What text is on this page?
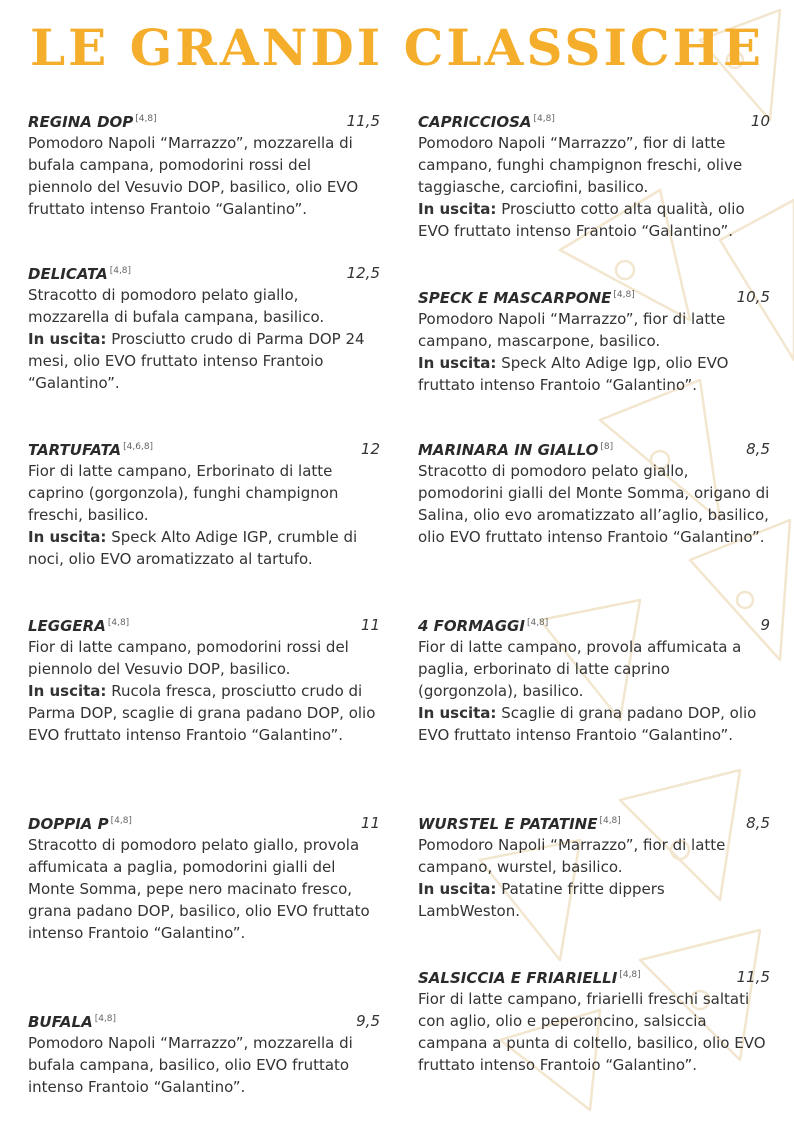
LE GRANDI CLASSICHE
REGINA DOP [4,8]	11,5
Pomodoro Napoli “Marrazzo”, mozzarella di bufala campana, pomodorini rossi del piennolo del Vesuvio DOP, basilico, olio EVO fruttato intenso Frantoio “Galantino”.
DELICATA [4,8]	12,5
Stracotto di pomodoro pelato giallo, mozzarella di bufala campana, basilico.
In uscita: Prosciutto crudo di Parma DOP 24 mesi, olio EVO fruttato intenso Frantoio “Galantino”.
TARTUFATA [4,6,8]	12
Fior di latte campano, Erborinato di latte caprino (gorgonzola), funghi champignon freschi, basilico.
In uscita: Speck Alto Adige IGP, crumble di noci, olio EVO aromatizzato al tartufo.
LEGGERA [4,8]	11
Fior di latte campano, pomodorini rossi del piennolo del Vesuvio DOP, basilico.
In uscita: Rucola fresca, prosciutto crudo di Parma DOP, scaglie di grana padano DOP, olio EVO fruttato intenso Frantoio “Galantino”.
DOPPIA P [4,8]	11
Stracotto di pomodoro pelato giallo, provola affumicata a paglia, pomodorini gialli del Monte Somma, pepe nero macinato fresco, grana padano DOP, basilico, olio EVO fruttato intenso Frantoio “Galantino”.
BUFALA [4,8]	9,5
Pomodoro Napoli “Marrazzo”, mozzarella di bufala campana, basilico, olio EVO fruttato intenso Frantoio “Galantino”.
CAPRICCIOSA [4,8]	10
Pomodoro Napoli “Marrazzo”, fior di latte campano, funghi champignon freschi, olive taggiasche, carciofini, basilico.
In uscita: Prosciutto cotto alta qualità, olio EVO fruttato intenso Frantoio “Galantino”.
SPECK E MASCARPONE [4,8]	10,5
Pomodoro Napoli “Marrazzo”, fior di latte campano, mascarpone, basilico.
In uscita: Speck Alto Adige Igp, olio EVO fruttato intenso Frantoio “Galantino”.
MARINARA IN GIALLO [8]	8,5
Stracotto di pomodoro pelato giallo, pomodorini gialli del Monte Somma, origano di Salina, olio evo aromatizzato all’aglio, basilico, olio EVO fruttato intenso Frantoio “Galantino”.
4 FORMAGGI [4,8]	9
Fior di latte campano, provola affumicata a paglia, erborinato di latte caprino (gorgonzola), basilico.
In uscita: Scaglie di grana padano DOP, olio EVO fruttato intenso Frantoio “Galantino”.
WURSTEL E PATATINE [4,8]	8,5
Pomodoro Napoli “Marrazzo”, fior di latte campano, wurstel, basilico.
In uscita: Patatine fritte dippers LambWeston.
SALSICCIA E FRIARIELLI [4,8]	11,5
Fior di latte campano, friarielli freschi saltati con aglio, olio e peperoncino, salsiccia campana a punta di coltello, basilico, olio EVO fruttato intenso Frantoio “Galantino”.
